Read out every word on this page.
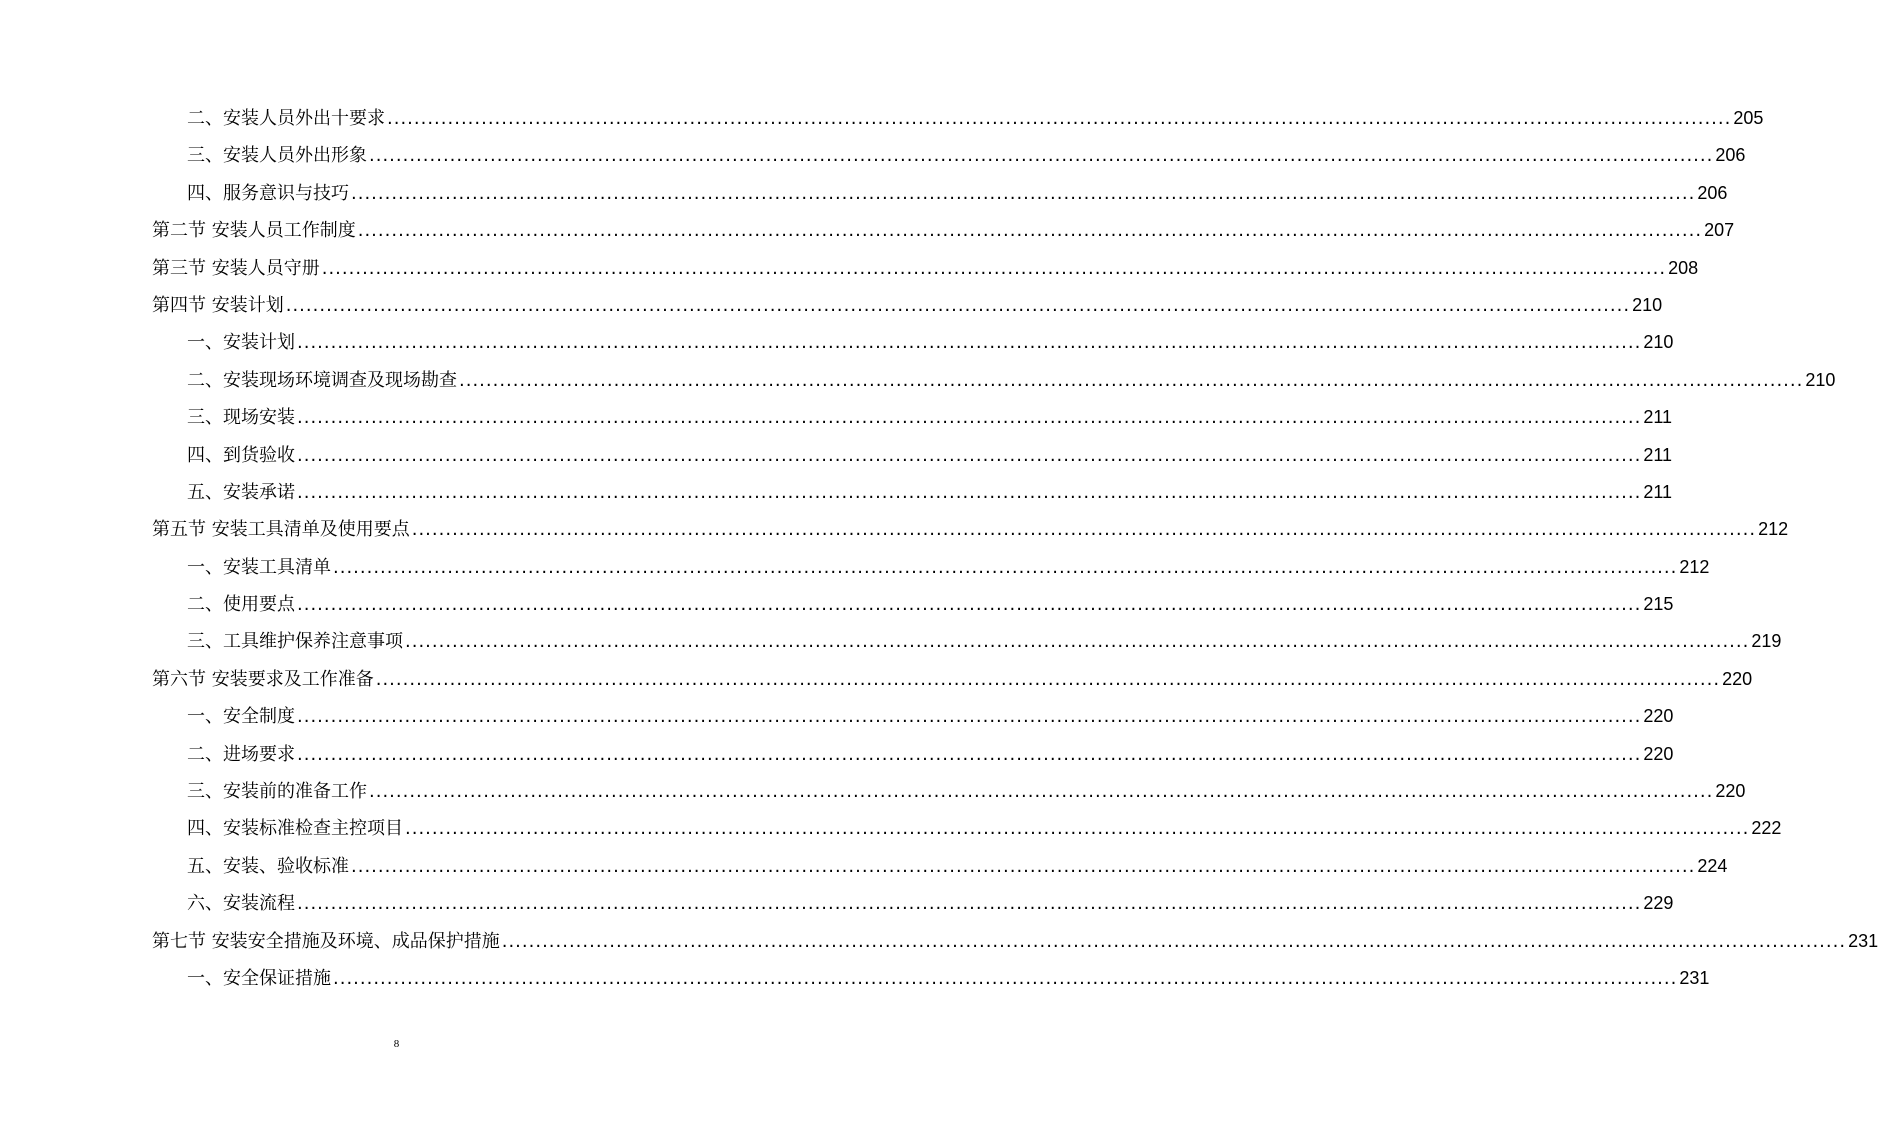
二、安装人员外出十要求 ........................................................................................................................................................................................................ 205
三、安装人员外出形象 ........................................................................................................................................................................................................ 206
四、服务意识与技巧 ........................................................................................................................................................................................................ 206
第二节 安装人员工作制度 ........................................................................................................................................................................................................ 207
第三节 安装人员守册 ........................................................................................................................................................................................................ 208
第四节 安装计划 ........................................................................................................................................................................................................ 210
一、安装计划 ........................................................................................................................................................................................................ 210
二、安装现场环境调查及现场勘查 ........................................................................................................................................................................................................ 210
三、现场安装 ........................................................................................................................................................................................................ 211
四、到货验收 ........................................................................................................................................................................................................ 211
五、安装承诺 ........................................................................................................................................................................................................ 211
第五节 安装工具清单及使用要点 ........................................................................................................................................................................................................ 212
一、安装工具清单 ........................................................................................................................................................................................................ 212
二、使用要点 ........................................................................................................................................................................................................ 215
三、工具维护保养注意事项 ........................................................................................................................................................................................................ 219
第六节 安装要求及工作准备 ........................................................................................................................................................................................................ 220
一、安全制度 ........................................................................................................................................................................................................ 220
二、进场要求 ........................................................................................................................................................................................................ 220
三、安装前的准备工作 ........................................................................................................................................................................................................ 220
四、安装标准检查主控项目 ........................................................................................................................................................................................................ 222
五、安装、验收标准 ........................................................................................................................................................................................................ 224
六、安装流程 ........................................................................................................................................................................................................ 229
第七节 安装安全措施及环境、成品保护措施 ........................................................................................................................................................................................................ 231
一、安全保证措施 ........................................................................................................................................................................................................ 231
8
